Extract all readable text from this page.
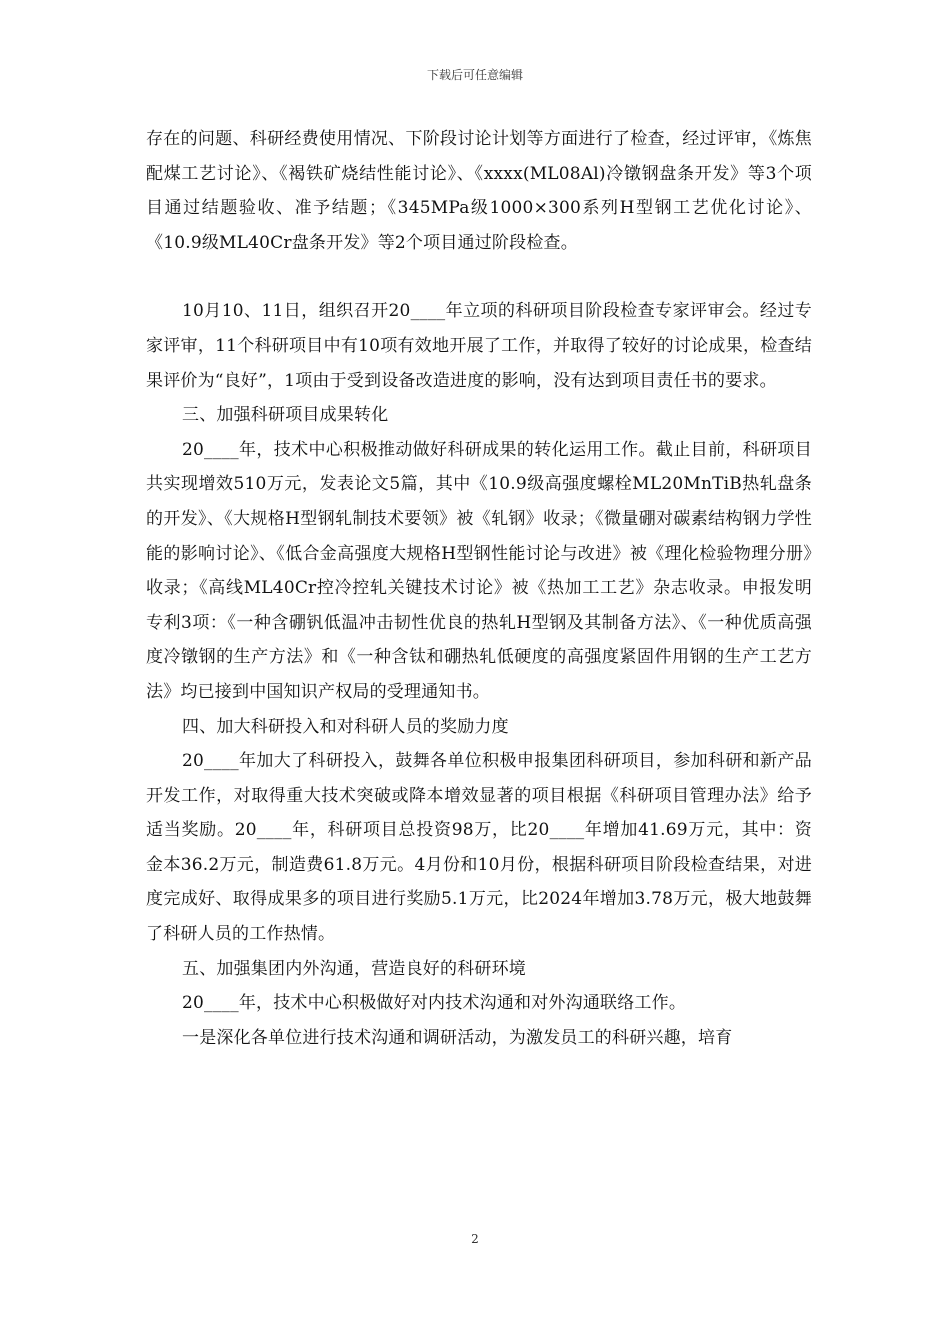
下载后可任意编辑

存在的问题、科研经费使用情况、下阶段讨论计划等方面进行了检查，经过评审，《炼焦配煤工艺讨论》、《褐铁矿烧结性能讨论》、《xxxx(ML08Al)冷镦钢盘条开发》等3个项目通过结题验收、准予结题；《345MPa级1000×300系列H型钢工艺优化讨论》、《10.9级ML40Cr盘条开发》等2个项目通过阶段检查。

10月10、11日，组织召开20____年立项的科研项目阶段检查专家评审会。经过专家评审，11个科研项目中有10项有效地开展了工作，并取得了较好的讨论成果，检查结果评价为“良好”，1项由于受到设备改造进度的影响，没有达到项目责任书的要求。

三、加强科研项目成果转化

20____年，技术中心积极推动做好科研成果的转化运用工作。截止目前，科研项目共实现增效510万元，发表论文5篇，其中《10.9级高强度螺栓ML20MnTiB热轧盘条的开发》、《大规格H型钢轧制技术要领》被《轧钢》收录；《微量硼对碳素结构钢力学性能的影响讨论》、《低合金高强度大规格H型钢性能讨论与改进》被《理化检验物理分册》收录；《高线ML40Cr控冷控轧关键技术讨论》被《热加工工艺》杂志收录。申报发明专利3项：《一种含硼钒低温冲击韧性优良的热轧H型钢及其制备方法》、《一种优质高强度冷镦钢的生产方法》和《一种含钛和硼热轧低硬度的高强度紧固件用钢的生产工艺方法》均已接到中国知识产权局的受理通知书。

四、加大科研投入和对科研人员的奖励力度

20____年加大了科研投入，鼓舞各单位积极申报集团科研项目，参加科研和新产品开发工作，对取得重大技术突破或降本增效显著的项目根据《科研项目管理办法》给予适当奖励。20____年，科研项目总投资98万，比20____年增加41.69万元，其中：资金本36.2万元，制造费61.8万元。4月份和10月份，根据科研项目阶段检查结果，对进度完成好、取得成果多的项目进行奖励5.1万元，比2024年增加3.78万元，极大地鼓舞了科研人员的工作热情。

五、加强集团内外沟通，营造良好的科研环境

20____年，技术中心积极做好对内技术沟通和对外沟通联络工作。

一是深化各单位进行技术沟通和调研活动，为激发员工的科研兴趣，培育

2
